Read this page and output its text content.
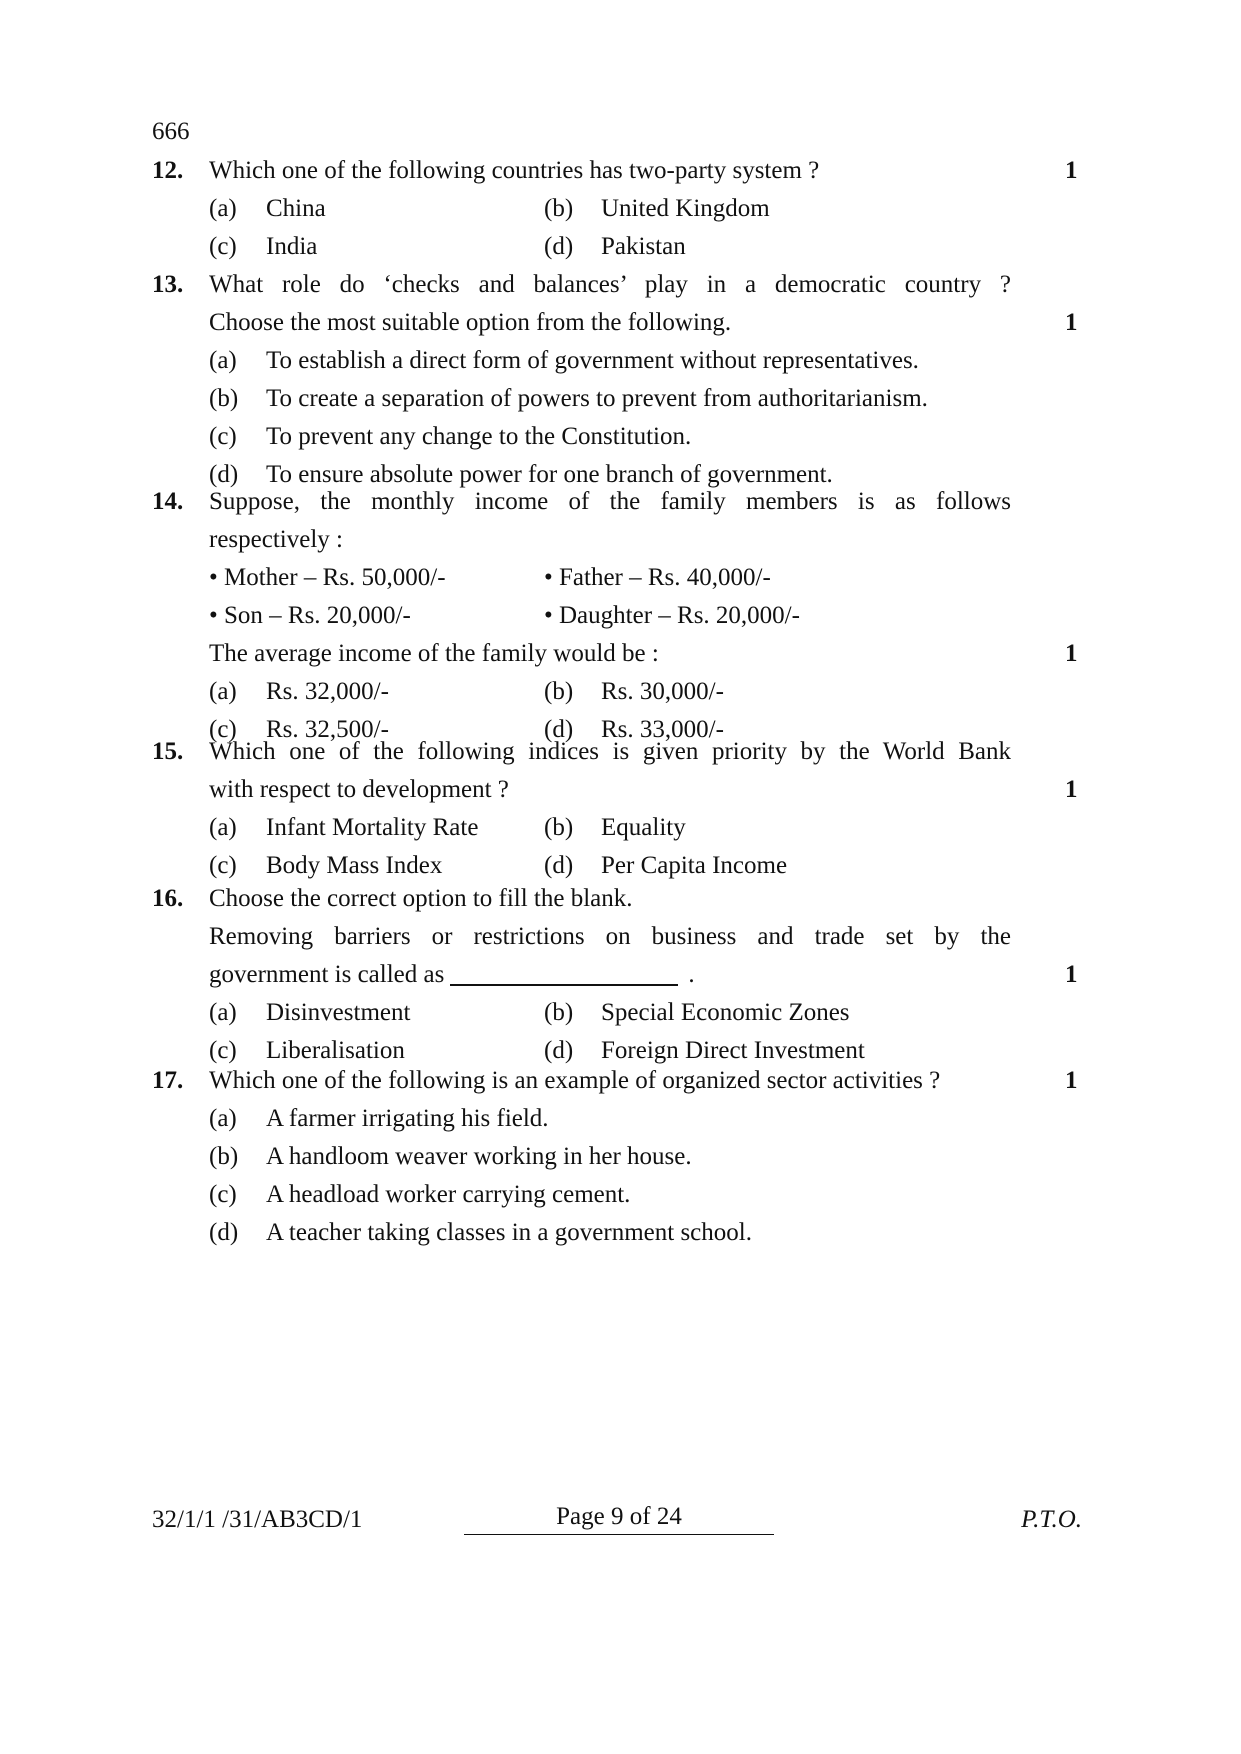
666
12. Which one of the following countries has two-party system ?	1
(a) China	(b) United Kingdom
(c) India	(d) Pakistan
13. What role do ‘checks and balances’ play in a democratic country ?
Choose the most suitable option from the following.	1
(a) To establish a direct form of government without representatives.
(b) To create a separation of powers to prevent from authoritarianism.
(c) To prevent any change to the Constitution.
(d) To ensure absolute power for one branch of government.
14. Suppose, the monthly income of the family members is as follows
respectively :
• Mother – Rs. 50,000/-	• Father – Rs. 40,000/-
• Son – Rs. 20,000/-	• Daughter – Rs. 20,000/-
The average income of the family would be :	1
(a) Rs. 32,000/-	(b) Rs. 30,000/-
(c) Rs. 32,500/-	(d) Rs. 33,000/-
15. Which one of the following indices is given priority by the World Bank
with respect to development ?	1
(a) Infant Mortality Rate	(b) Equality
(c) Body Mass Index	(d) Per Capita Income
16. Choose the correct option to fill the blank.
Removing barriers or restrictions on business and trade set by the
government is called as	.	1
(a) Disinvestment	(b) Special Economic Zones
(c) Liberalisation	(d) Foreign Direct Investment
17. Which one of the following is an example of organized sector activities ?	1
(a) A farmer irrigating his field.
(b) A handloom weaver working in her house.
(c) A headload worker carrying cement.
(d) A teacher taking classes in a government school.
32/1/1 /31/AB3CD/1	Page 9 of 24	P.T.O.
